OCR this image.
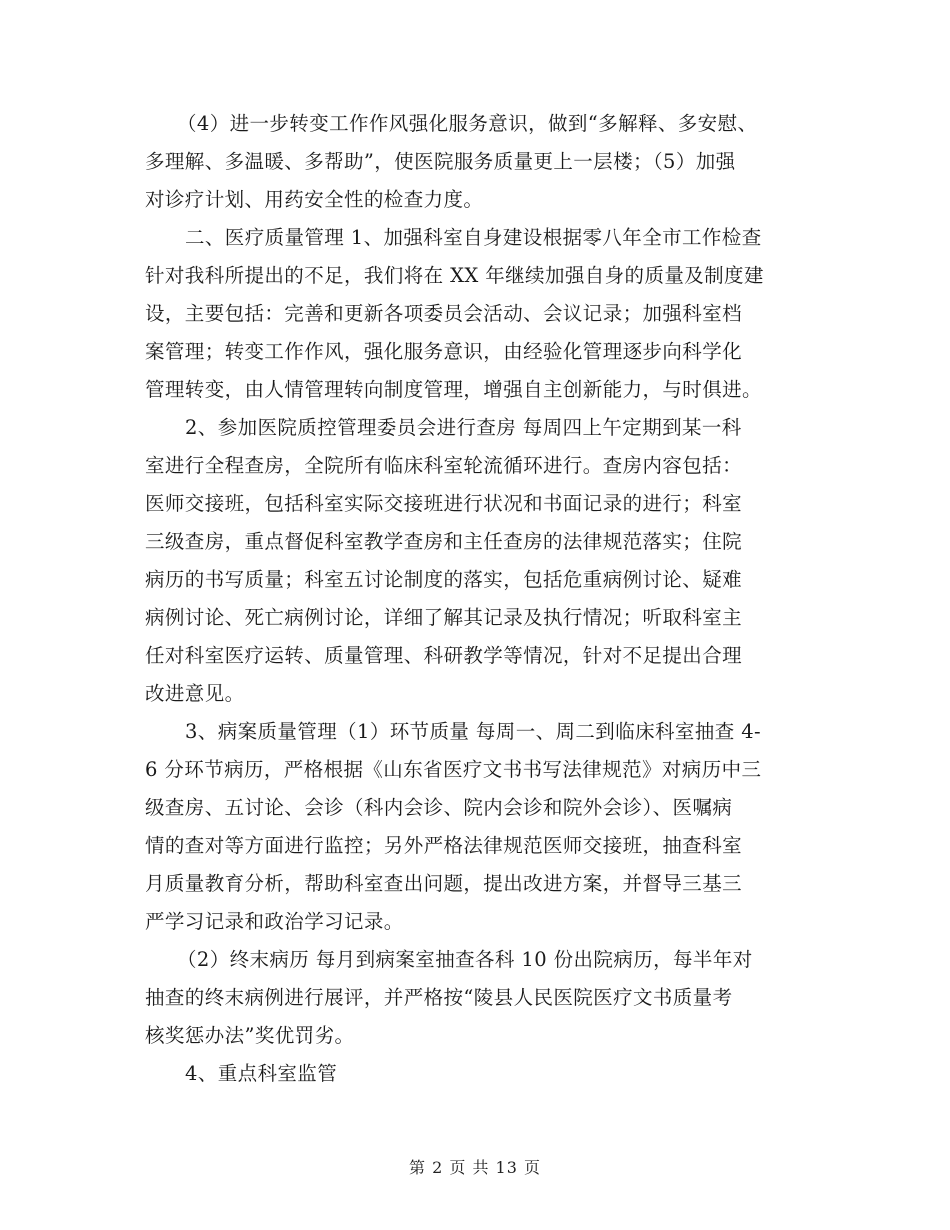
（4）进一步转变工作作风强化服务意识，做到“多解释、多安慰、
多理解、多温暖、多帮助”，使医院服务质量更上一层楼；（5）加强
对诊疗计划、用药安全性的检查力度。
二、医疗质量管理 1、加强科室自身建设根据零八年全市工作检查
针对我科所提出的不足，我们将在 XX 年继续加强自身的质量及制度建
设，主要包括：完善和更新各项委员会活动、会议记录；加强科室档
案管理；转变工作作风，强化服务意识，由经验化管理逐步向科学化
管理转变，由人情管理转向制度管理，增强自主创新能力，与时俱进。
2、参加医院质控管理委员会进行查房 每周四上午定期到某一科
室进行全程查房，全院所有临床科室轮流循环进行。查房内容包括：
医师交接班，包括科室实际交接班进行状况和书面记录的进行；科室
三级查房，重点督促科室教学查房和主任查房的法律规范落实；住院
病历的书写质量；科室五讨论制度的落实，包括危重病例讨论、疑难
病例讨论、死亡病例讨论，详细了解其记录及执行情况；听取科室主
任对科室医疗运转、质量管理、科研教学等情况，针对不足提出合理
改进意见。
3、病案质量管理（1）环节质量 每周一、周二到临床科室抽查 4-
6 分环节病历，严格根据《山东省医疗文书书写法律规范》对病历中三
级查房、五讨论、会诊（科内会诊、院内会诊和院外会诊）、医嘱病
情的查对等方面进行监控；另外严格法律规范医师交接班，抽查科室
月质量教育分析，帮助科室查出问题，提出改进方案，并督导三基三
严学习记录和政治学习记录。
（2）终末病历 每月到病案室抽查各科 10 份出院病历，每半年对
抽查的终末病例进行展评，并严格按“陵县人民医院医疗文书质量考
核奖惩办法”奖优罚劣。
4、重点科室监管
第 2 页 共 13 页
